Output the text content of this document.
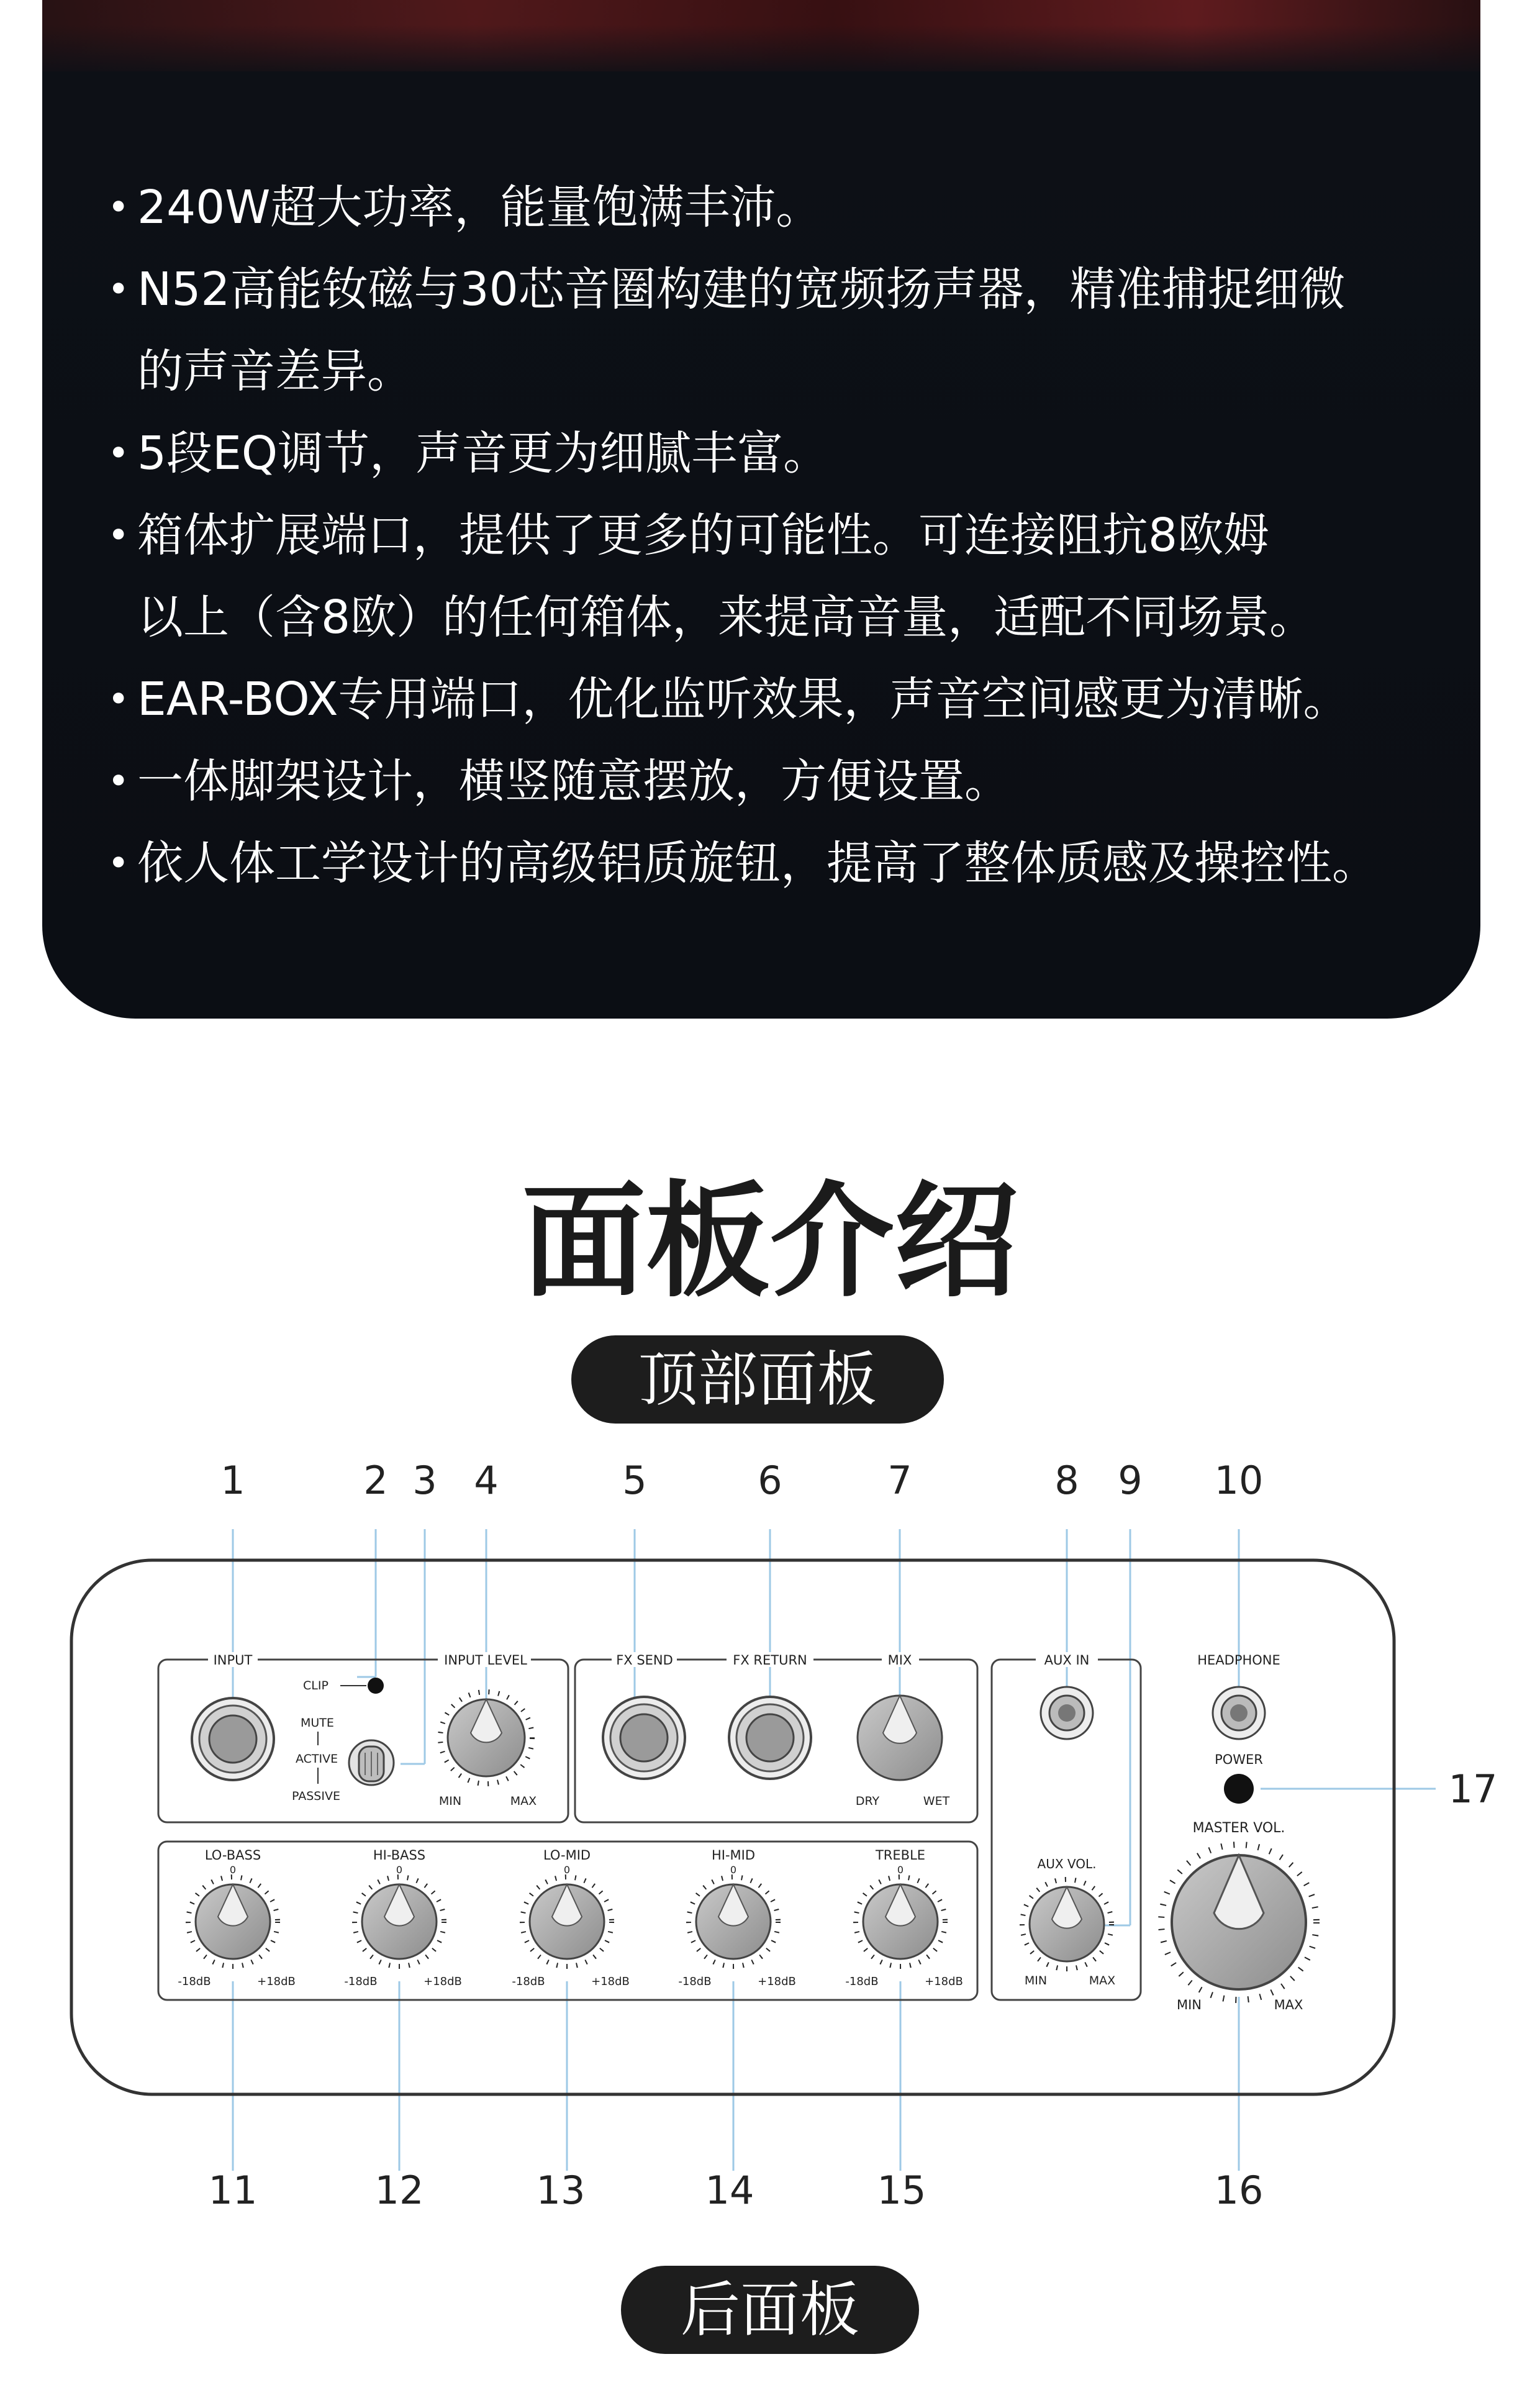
• 240W超大功率，能量饱满丰沛。
• N52高能钕磁与30芯音圈构建的宽频扬声器，精准捕捉细微
的声音差异。
• 5段EQ调节，声音更为细腻丰富。
• 箱体扩展端口，提供了更多的可能性。可连接阻抗8欧姆
以上（含8欧）的任何箱体，来提高音量，适配不同场景。
• EAR-BOX专用端口，优化监听效果，声音空间感更为清晰。
• 一体脚架设计，横竖随意摆放，方便设置。
• 依人体工学设计的高级铝质旋钮，提高了整体质感及操控性。
面板介绍
顶部面板
1	2 3 4	5	6	7	8 9 10
17
11	12	13	14	15	16
INPUT	INPUT LEVEL	FX SEND	FX RETURN	MIX	AUX IN
CLIP
MUTE
ACTIVE
PASSIVE	MIN	MAX	DRY	WET
AUX VOL.
MIN	MAX
HEADPHONE
POWER
MASTER VOL.
MIN	MAX
LO-BASS
0
-18dB	+18dB
HI-BASS
0
-18dB	+18dB
LO-MID
0
-18dB	+18dB
HI-MID
0
-18dB	+18dB
TREBLE
0
-18dB	+18dB
后面板
